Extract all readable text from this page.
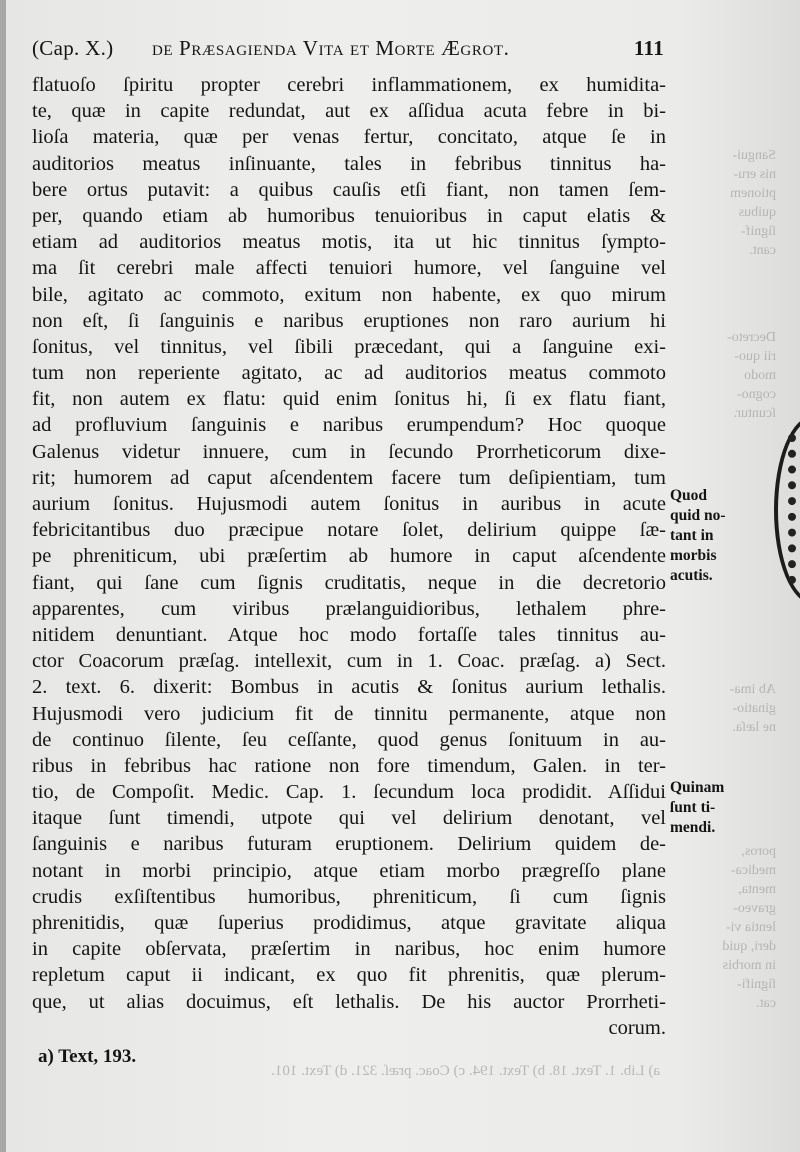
(Cap. X.) de Præsagienda Vita et Morte Ægrot.	111
flatuoſo ſpiritu propter cerebri inflammationem, ex humidita-
te, quæ in capite redundat, aut ex aſſidua acuta febre in bi-
lioſa materia, quæ per venas fertur, concitato, atque ſe in
auditorios meatus inſinuante, tales in febribus tinnitus ha-
bere ortus putavit: a quibus cauſis etſi fiant, non tamen ſem-
per, quando etiam ab humoribus tenuioribus in caput elatis &
etiam ad auditorios meatus motis, ita ut hic tinnitus ſympto-
ma ſit cerebri male affecti tenuiori humore, vel ſanguine vel
bile, agitato ac commoto, exitum non habente, ex quo mirum
non eſt, ſi ſanguinis e naribus eruptiones non raro aurium hi
ſonitus, vel tinnitus, vel ſibili præcedant, qui a ſanguine exi-
tum non reperiente agitato, ac ad auditorios meatus commoto
fit, non autem ex flatu: quid enim ſonitus hi, ſi ex flatu fiant,
ad profluvium ſanguinis e naribus erumpendum? Hoc quoque
Galenus videtur innuere, cum in ſecundo Prorrheticorum dixe-
rit; humorem ad caput aſcendentem facere tum deſipientiam, tum
aurium ſonitus. Hujusmodi autem ſonitus in auribus in acute
febricitantibus duo præcipue notare ſolet, delirium quippe ſæ-
pe phreniticum, ubi præſertim ab humore in caput aſcendente
fiant, qui ſane cum ſignis cruditatis, neque in die decretorio
apparentes, cum viribus prælanguidioribus, lethalem phre-
nitidem denuntiant. Atque hoc modo fortaſſe tales tinnitus au-
ctor Coacorum præſag. intellexit, cum in 1. Coac. præſag. a) Sect.
2. text. 6. dixerit: Bombus in acutis & ſonitus aurium lethalis.
Hujusmodi vero judicium fit de tinnitu permanente, atque non
de continuo ſilente, ſeu ceſſante, quod genus ſonituum in au-
ribus in febribus hac ratione non fore timendum, Galen. in ter-
tio, de Compoſit. Medic. Cap. 1. ſecundum loca prodidit. Aſſidui
itaque ſunt timendi, utpote qui vel delirium denotant, vel
ſanguinis e naribus futuram eruptionem. Delirium quidem de-
notant in morbi principio, atque etiam morbo prægreſſo plane
crudis exſiſtentibus humoribus, phreniticum, ſi cum ſignis
phrenitidis, quæ ſuperius prodidimus, atque gravitate aliqua
in capite obſervata, præſertim in naribus, hoc enim humore
repletum caput ii indicant, ex quo fit phrenitis, quæ plerum-
que, ut alias docuimus, eſt lethalis. De his auctor Prorrheti-
corum.
Quod
quid no-
tant in
morbis
acutis.
Quinam
ſunt ti-
mendi.
Sangui-
nis eru-
ptionem
quibus
ſignif-
cant.
Decreto-
rii quo-
modo
cogno-
ſcuntur.
Ab ima-
ginatio-
ne læſa.
poros,
medica-
menta,
graveo-
lentia vi-
deri, quid
in morbis
ſignifi-
cat.
a) Lib. 1. Text. 18. b) Text. 194. c) Coac. præſ. 321. d) Text. 101.
a) Text, 193.
